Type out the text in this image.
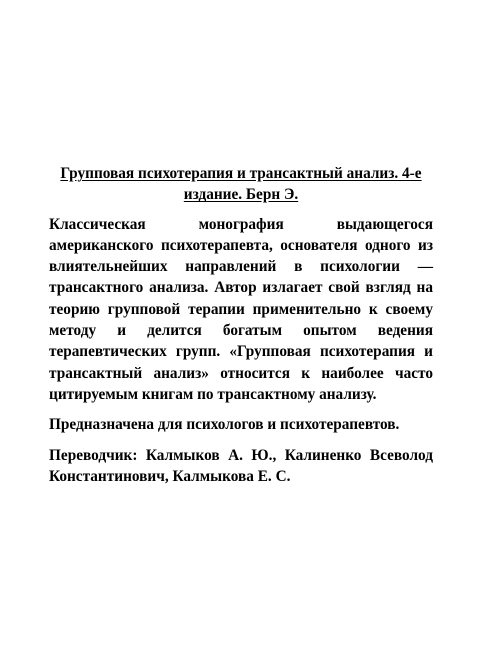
Групповая психотерапия и трансактный анализ. 4-е издание. Берн Э.

Классическая монография выдающегося американского психотерапевта, основателя одного из влиятельнейших направлений в психологии — трансактного анализа. Автор излагает свой взгляд на теорию групповой терапии применительно к своему методу и делится богатым опытом ведения терапевтических групп. «Групповая психотерапия и трансактный анализ» относится к наиболее часто цитируемым книгам по трансактному анализу.

Предназначена для психологов и психотерапевтов.

Переводчик: Калмыков А. Ю., Калиненко Всеволод Константинович, Калмыкова Е. С.
